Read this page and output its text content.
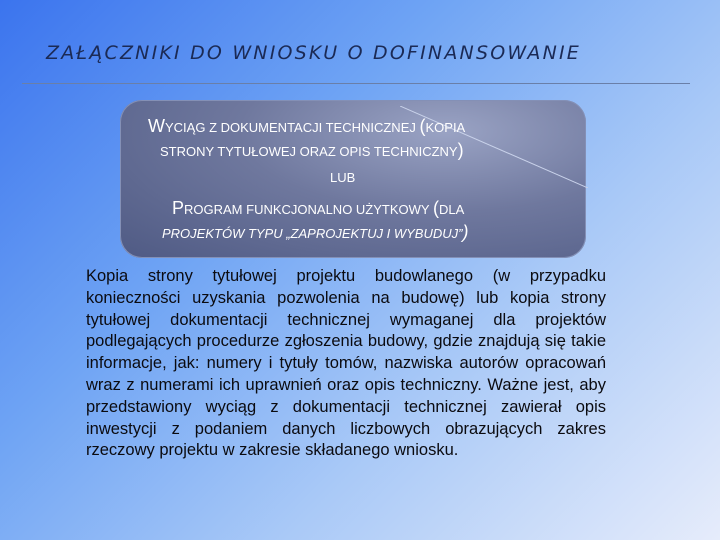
ZAŁĄCZNIKI DO WNIOSKU O DOFINANSOWANIE
WYCIĄG Z DOKUMENTACJI TECHNICZNEJ (KOPIA
STRONY TYTUŁOWEJ ORAZ OPIS TECHNICZNY)
LUB
PROGRAM FUNKCJONALNO UŻYTKOWY (DLA
PROJEKTÓW TYPU „ZAPROJEKTUJ I WYBUDUJ”)
Kopia strony tytułowej projektu budowlanego (w przypadku konieczności uzyskania pozwolenia na budowę) lub kopia strony tytułowej dokumentacji technicznej wymaganej dla projektów podlegających procedurze zgłoszenia budowy, gdzie znajdują się takie informacje, jak: numery i tytuły tomów, nazwiska autorów opracowań wraz z numerami ich uprawnień oraz opis techniczny. Ważne jest, aby przedstawiony wyciąg z dokumentacji technicznej zawierał opis inwestycji z podaniem danych liczbowych obrazujących zakres rzeczowy projektu w zakresie składanego wniosku.
